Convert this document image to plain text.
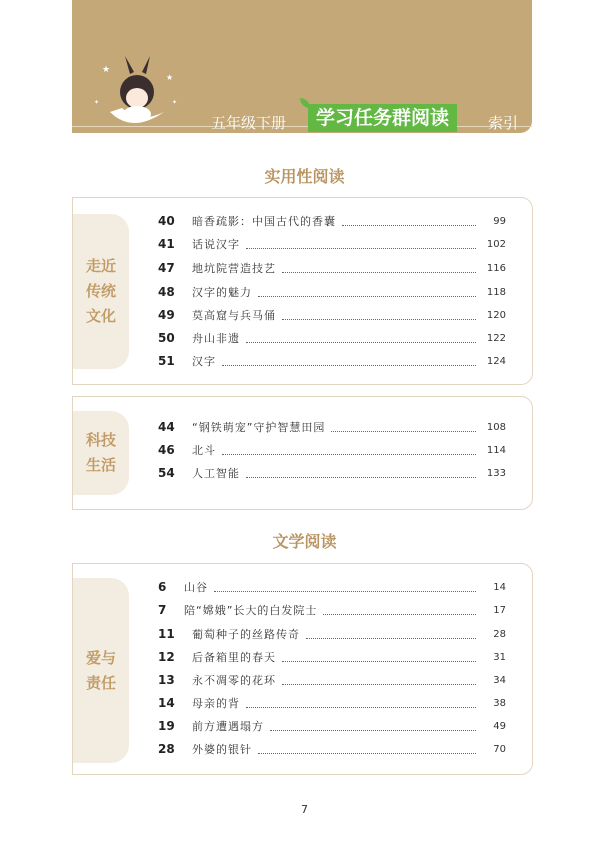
★
★
✦	✦
五年级下册	学习任务群阅读	索引
实用性阅读
走近
传统
文化
40	暗香疏影：中国古代的香囊	99
41	话说汉字	102
47	地坑院营造技艺	116
48	汉字的魅力	118
49	莫高窟与兵马俑	120
50	舟山非遗	122
51	汉字	124
科技
生活
44	“钢铁萌宠”守护智慧田园	108
46	北斗	114
54	人工智能	133
文学阅读
爱与
责任
6	山谷	14
7	陪“嫦娥”长大的白发院士	17
11	葡萄种子的丝路传奇	28
12	后备箱里的春天	31
13	永不凋零的花环	34
14	母亲的背	38
19	前方遭遇塌方	49
28	外婆的银针	70
7
